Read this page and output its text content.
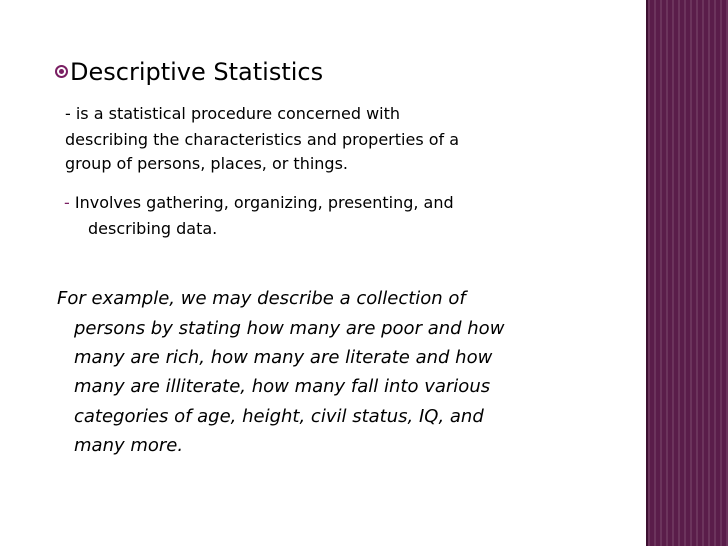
Descriptive Statistics
- is a statistical procedure concerned with
describing the characteristics and properties of a
group of persons, places, or things.
- Involves gathering, organizing, presenting, and
describing data.
For example, we may describe a collection of
persons by stating how many are poor and how
many are rich, how many are literate and how
many are illiterate, how many fall into various
categories of age, height, civil status, IQ, and
many more.
